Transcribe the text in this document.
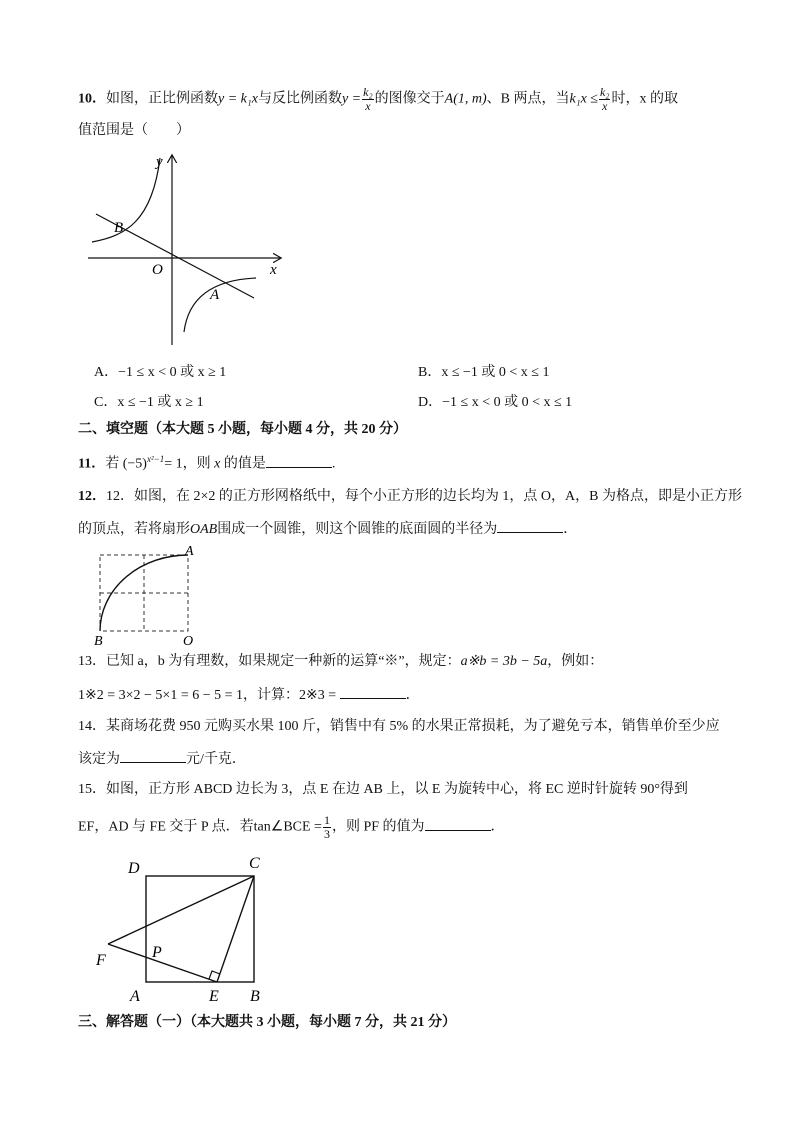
10．如图，正比例函数y = k₁x与反比例函数$y = \frac{\text{k₂}}{x}$ 的图像交于A(1, m)、B 两点，当$k_1x \le \frac{\text{k₂}}{x}$ 时，x 的取
值范围是（　　）
y
x
O
A
B
A．−1 ≤ x < 0 或 x ≥ 1	B．x ≤ −1 或 0 < x ≤ 1
C．x ≤ −1 或 x ≥ 1	D．−1 ≤ x < 0 或 0 < x ≤ 1
二、填空题（本大题 5 小题，每小题 4 分，共 20 分）
11．若 $(-5)^{x^2-1}= 1$，则 x 的值是	.
12．12．如图，在 2×2 的正方形网格纸中，每个小正方形的边长均为 1，点 O，A，B 为格点，即是小正方形
的顶点，若将扇形OAB围成一个圆锥，则这个圆锥的底面圆的半径为	．
A
B	O
13．已知 a，b 为有理数，如果规定一种新的运算“※”，规定：a※b = 3b − 5a，例如：
1※2 = 3×2 − 5×1 = 6 − 5 = 1，计算：2※3 =	．
14．某商场花费 950 元购买水果 100 斤，销售中有 5% 的水果正常损耗，为了避免亏本，销售单价至少应
该定为	元/千克．
15．如图，正方形 ABCD 边长为 3，点 E 在边 AB 上，以 E 为旋转中心，将 EC 逆时针旋转 90°得到
EF，AD 与 FE 交于 P 点．若tan∠BCE = $\frac{1}{3}$ ，则 PF 的值为	．
D	C
F	P
A	E B
三、解答题（一）（本大题共 3 小题，每小题 7 分，共 21 分）
